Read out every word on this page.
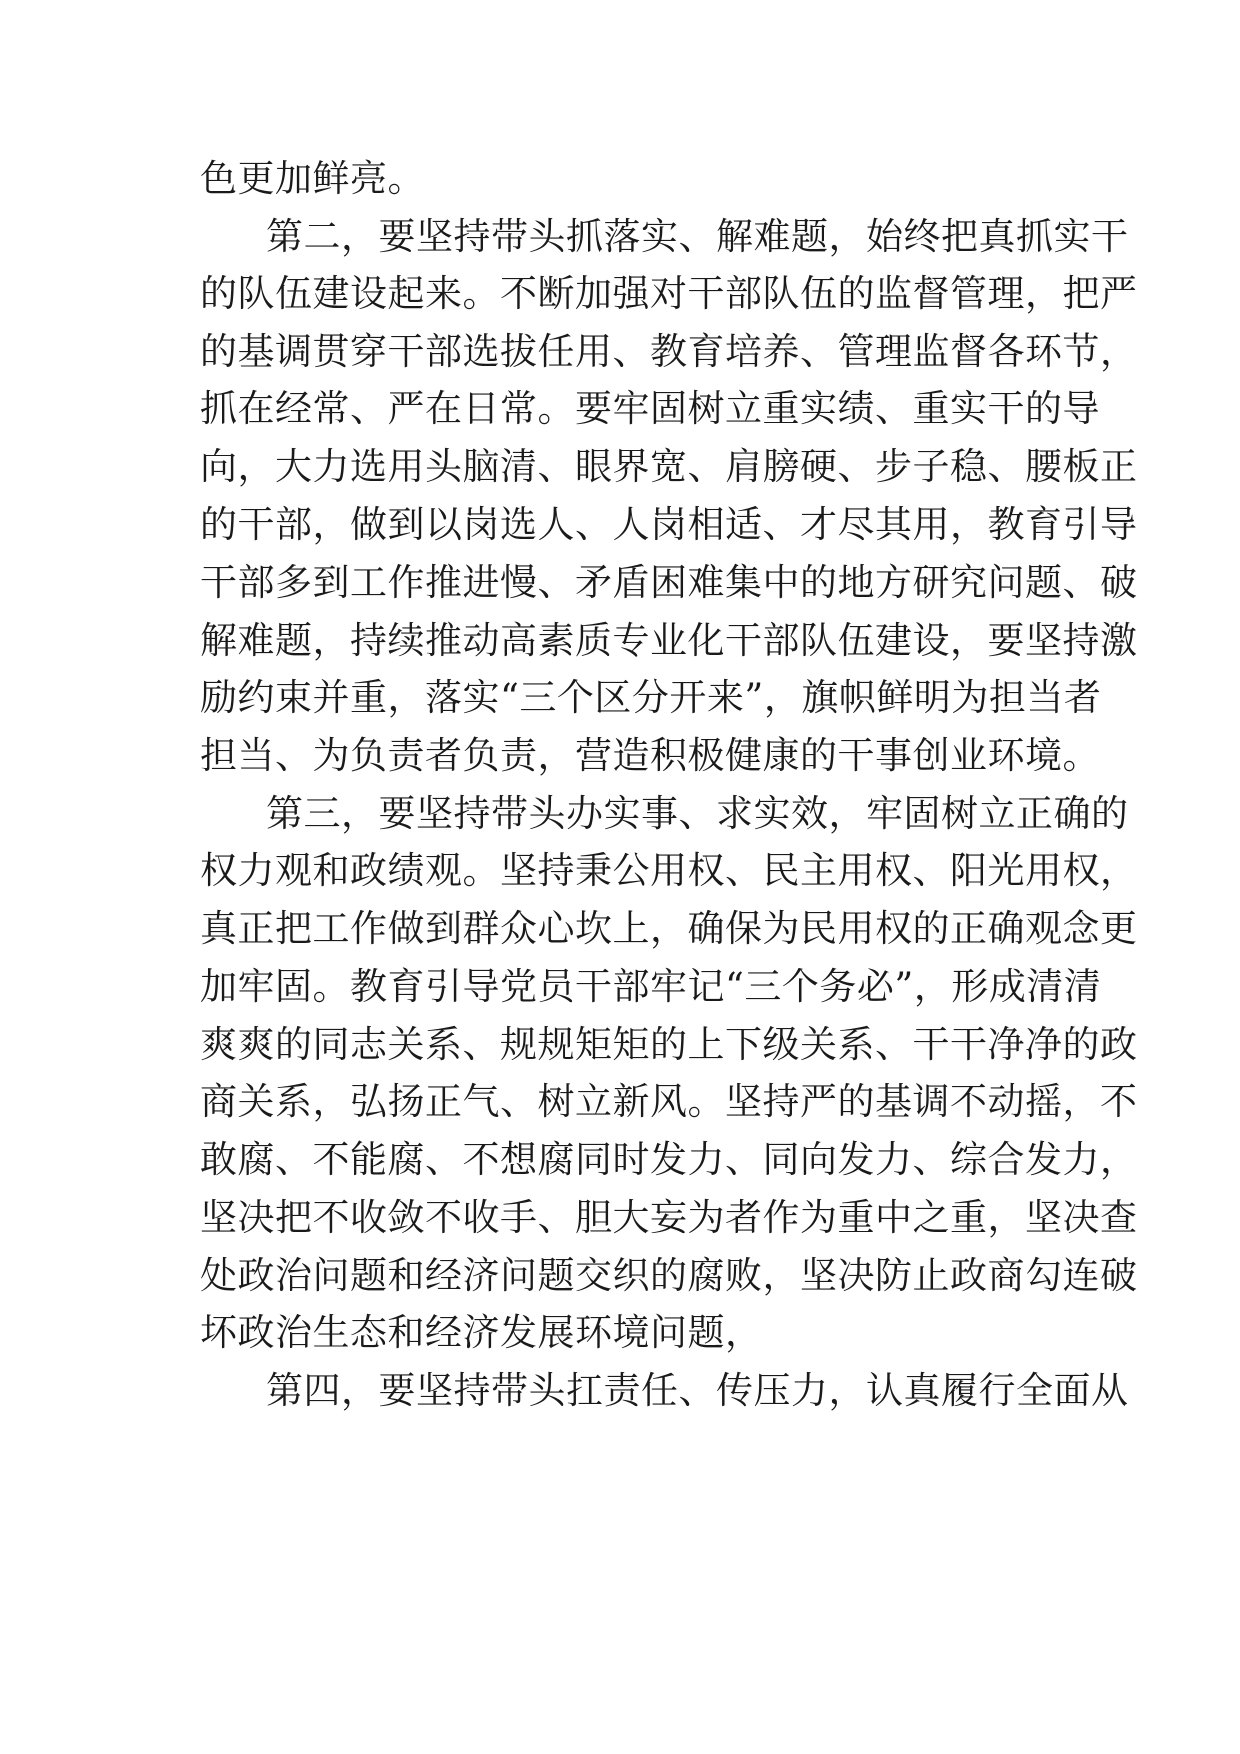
色更加鲜亮。
第二，要坚持带头抓落实、解难题，始终把真抓实干
的队伍建设起来。不断加强对干部队伍的监督管理，把严
的基调贯穿干部选拔任用、教育培养、管理监督各环节，
抓在经常、严在日常。要牢固树立重实绩、重实干的导
向，大力选用头脑清、眼界宽、肩膀硬、步子稳、腰板正
的干部，做到以岗选人、人岗相适、才尽其用，教育引导
干部多到工作推进慢、矛盾困难集中的地方研究问题、破
解难题，持续推动高素质专业化干部队伍建设，要坚持激
励约束并重，落实“三个区分开来”，旗帜鲜明为担当者
担当、为负责者负责，营造积极健康的干事创业环境。
第三，要坚持带头办实事、求实效，牢固树立正确的
权力观和政绩观。坚持秉公用权、民主用权、阳光用权，
真正把工作做到群众心坎上，确保为民用权的正确观念更
加牢固。教育引导党员干部牢记“三个务必”，形成清清
爽爽的同志关系、规规矩矩的上下级关系、干干净净的政
商关系，弘扬正气、树立新风。坚持严的基调不动摇，不
敢腐、不能腐、不想腐同时发力、同向发力、综合发力，
坚决把不收敛不收手、胆大妄为者作为重中之重，坚决查
处政治问题和经济问题交织的腐败，坚决防止政商勾连破
坏政治生态和经济发展环境问题，
第四，要坚持带头扛责任、传压力，认真履行全面从
